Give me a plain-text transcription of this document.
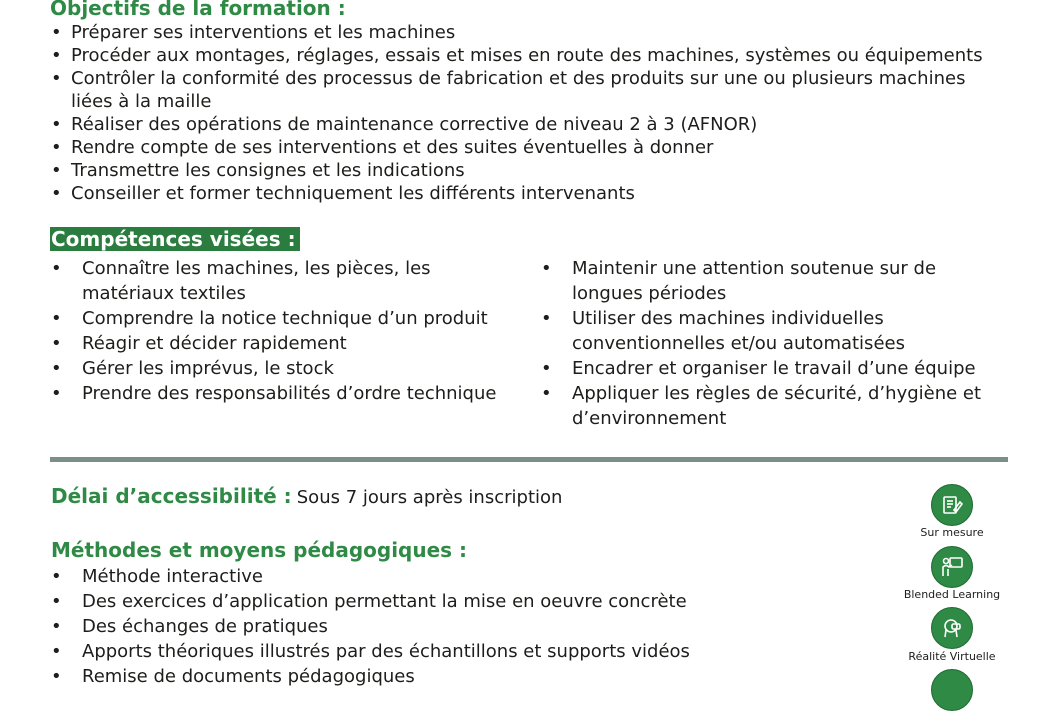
Objectifs de la formation :
• Préparer ses interventions et les machines
• Procéder aux montages, réglages, essais et mises en route des machines, systèmes ou équipements
• Contrôler la conformité des processus de fabrication et des produits sur une ou plusieurs machines
liées à la maille
• Réaliser des opérations de maintenance corrective de niveau 2 à 3 (AFNOR)
• Rendre compte de ses interventions et des suites éventuelles à donner
• Transmettre les consignes et les indications
• Conseiller et former techniquement les différents intervenants
Compétences visées :
• Connaître les machines, les pièces, les
matériaux textiles
• Comprendre la notice technique d’un produit
• Réagir et décider rapidement
• Gérer les imprévus, le stock
• Prendre des responsabilités d’ordre technique
• Maintenir une attention soutenue sur de
longues périodes
• Utiliser des machines individuelles
conventionnelles et/ou automatisées
• Encadrer et organiser le travail d’une équipe
• Appliquer les règles de sécurité, d’hygiène et
d’environnement
Délai d’accessibilité : Sous 7 jours après inscription
Méthodes et moyens pédagogiques :
• Méthode interactive
• Des exercices d’application permettant la mise en oeuvre concrète
• Des échanges de pratiques
• Apports théoriques illustrés par des échantillons et supports vidéos
• Remise de documents pédagogiques
Sur mesure
Blended Learning
Réalité Virtuelle
